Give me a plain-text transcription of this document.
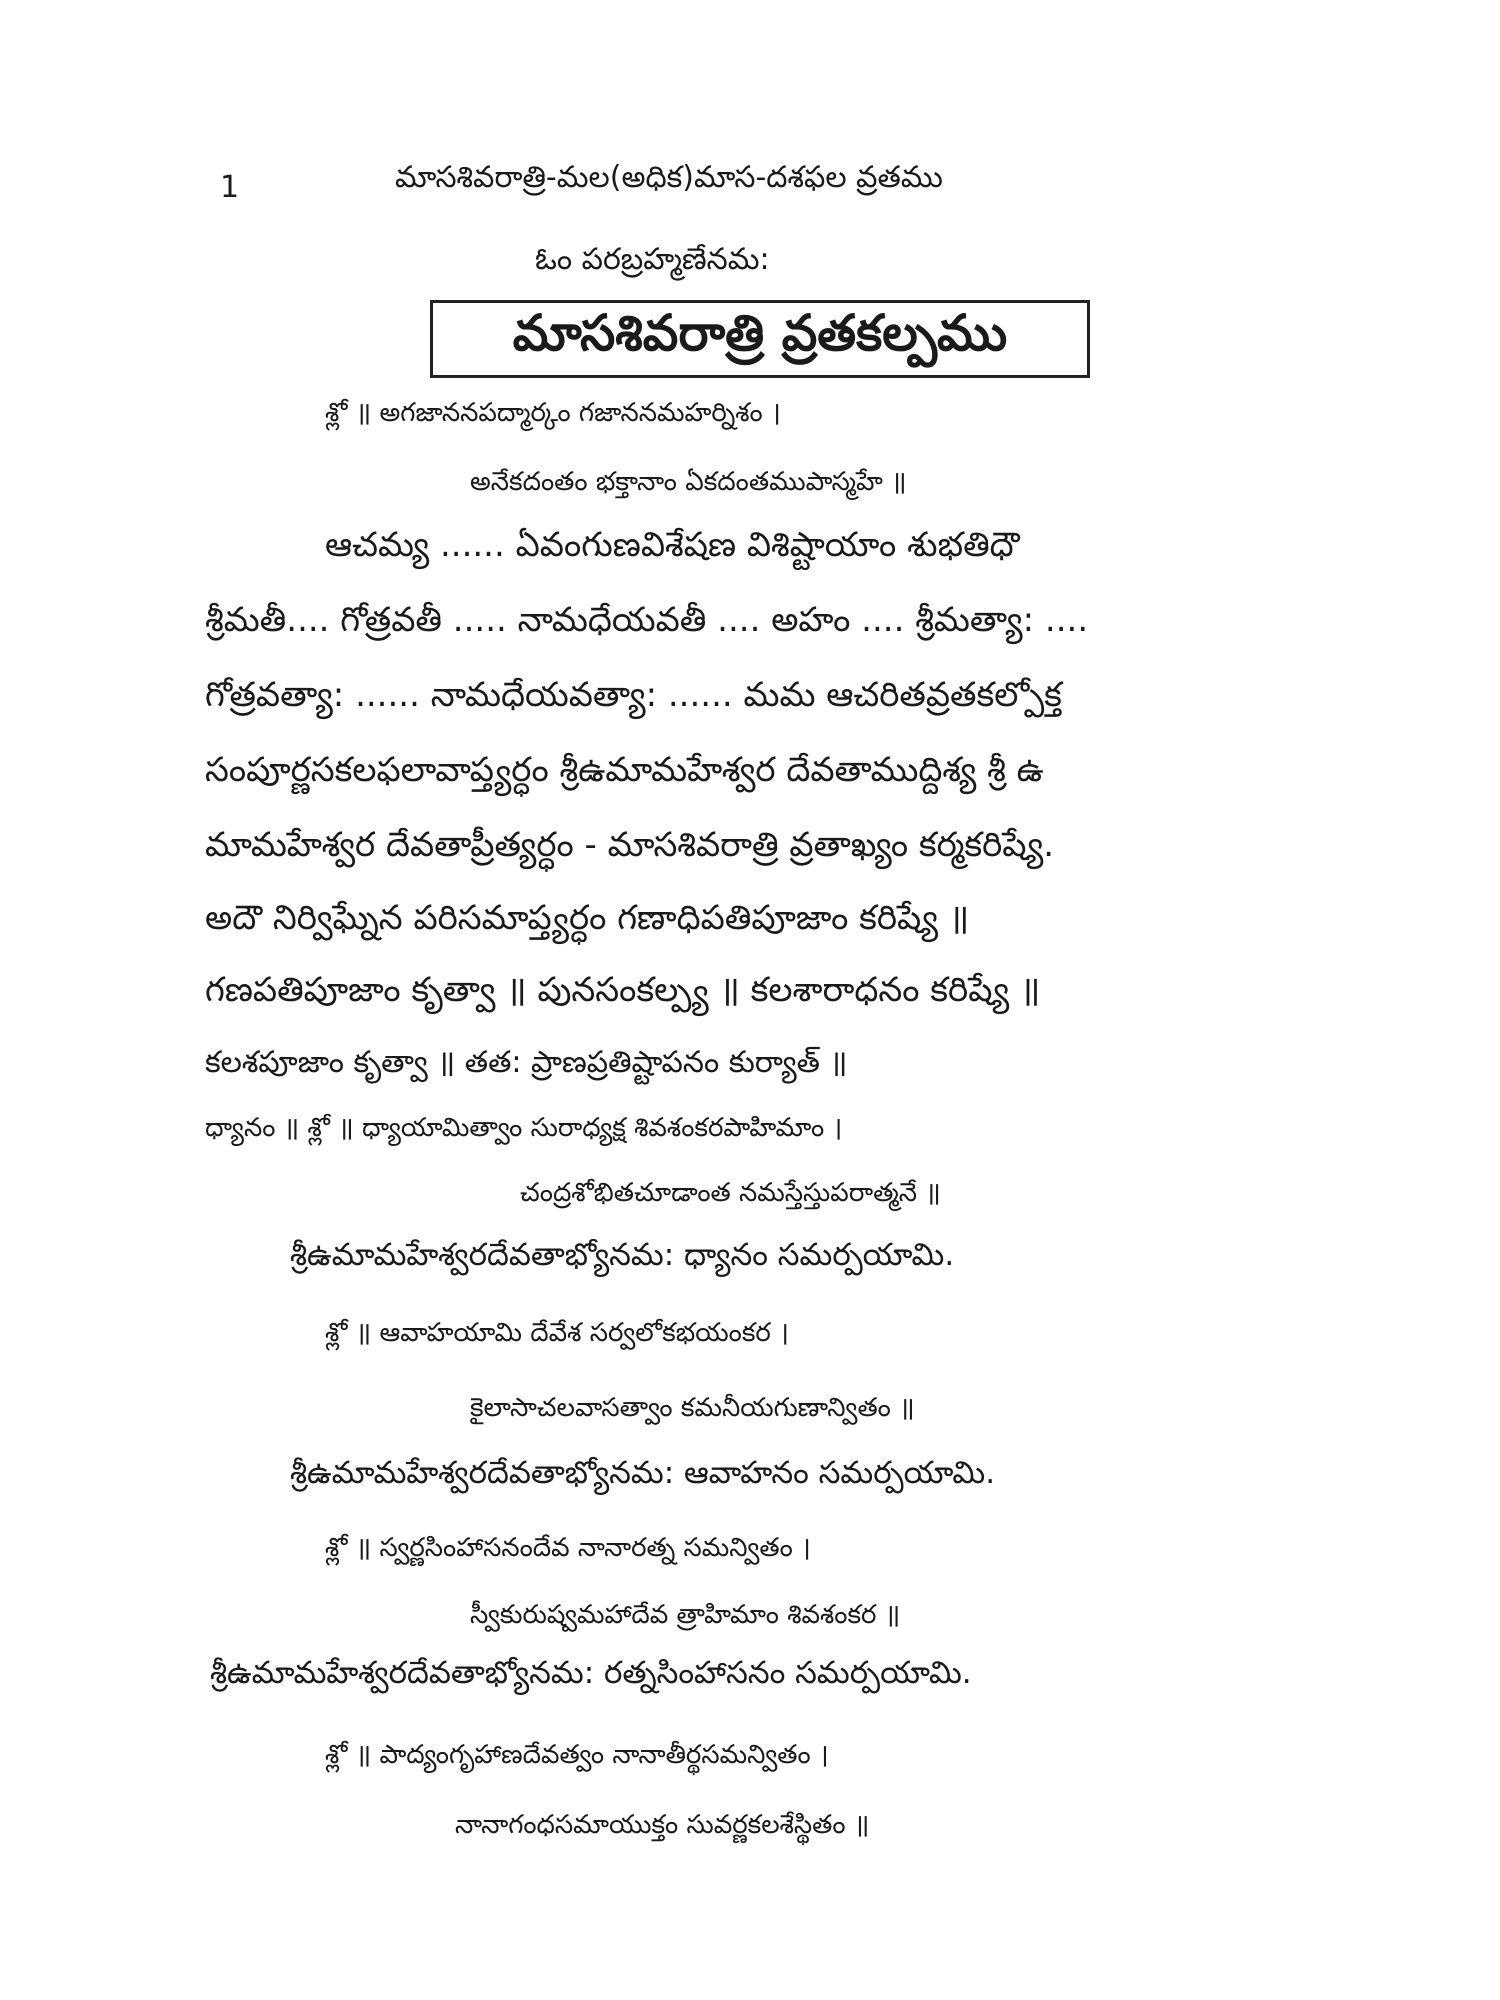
1	మాసశివరాత్రి-మల(అధిక)మాస-దశఫల వ్రతము
ఓం పరబ్రహ్మణేనమ:
మాసశివరాత్రి వ్రతకల్పము
శ్లో ॥ అగజాననపద్మార్కం గజాననమహర్నిశం ।
అనేకదంతం భక్తానాం ఏకదంతముపాస్మహే ॥
ఆచమ్య ...... ఏవంగుణవిశేషణ విశిష్టాయాం శుభతిధౌ
శ్రీమతీ.... గోత్రవతీ ..... నామధేయవతీ .... అహం .... శ్రీమత్యా: ....
గోత్రవత్యా: ...... నామధేయవత్యా: ...... మమ ఆచరితవ్రతకల్పోక్త
సంపూర్ణసకలఫలావాప్త్యర్ధం శ్రీఉమామహేశ్వర దేవతాముద్దిశ్య శ్రీ ఉ
మామహేశ్వర దేవతాప్రీత్యర్ధం - మాసశివరాత్రి వ్రతాఖ్యం కర్మకరిష్యే.
అదౌ నిర్విఘ్నేన పరిసమాప్త్యర్ధం గణాధిపతిపూజాం కరిష్యే ॥
గణపతిపూజాం కృత్వా ॥ పునసంకల్ప్య ॥ కలశారాధనం కరిష్యే ॥
కలశపూజాం కృత్వా ॥ తత: ప్రాణప్రతిష్టాపనం కుర్యాత్ ॥
ధ్యానం ॥ శ్లో ॥ ధ్యాయామిత్వాం సురాధ్యక్ష శివశంకరపాహిమాం ।
చంద్రశోభితచూడాంత నమస్తేస్తుపరాత్మనే ॥
శ్రీఉమామహేశ్వరదేవతాభ్యోనమ: ధ్యానం సమర్పయామి.
శ్లో ॥ ఆవాహయామి దేవేశ సర్వలోకభయంకర ।
కైలాసాచలవాసత్వాం కమనీయగుణాన్వితం ॥
శ్రీఉమామహేశ్వరదేవతాభ్యోనమ: ఆవాహనం సమర్పయామి.
శ్లో ॥ స్వర్ణసింహాసనందేవ నానారత్న సమన్వితం ।
స్వీకురుష్వమహాదేవ త్రాహిమాం శివశంకర ॥
శ్రీఉమామహేశ్వరదేవతాభ్యోనమ: రత్నసింహాసనం సమర్పయామి.
శ్లో ॥ పాద్యంగృహాణదేవత్వం నానాతీర్థసమన్వితం ।
నానాగంధసమాయుక్తం సువర్ణకలశేస్థితం ॥
